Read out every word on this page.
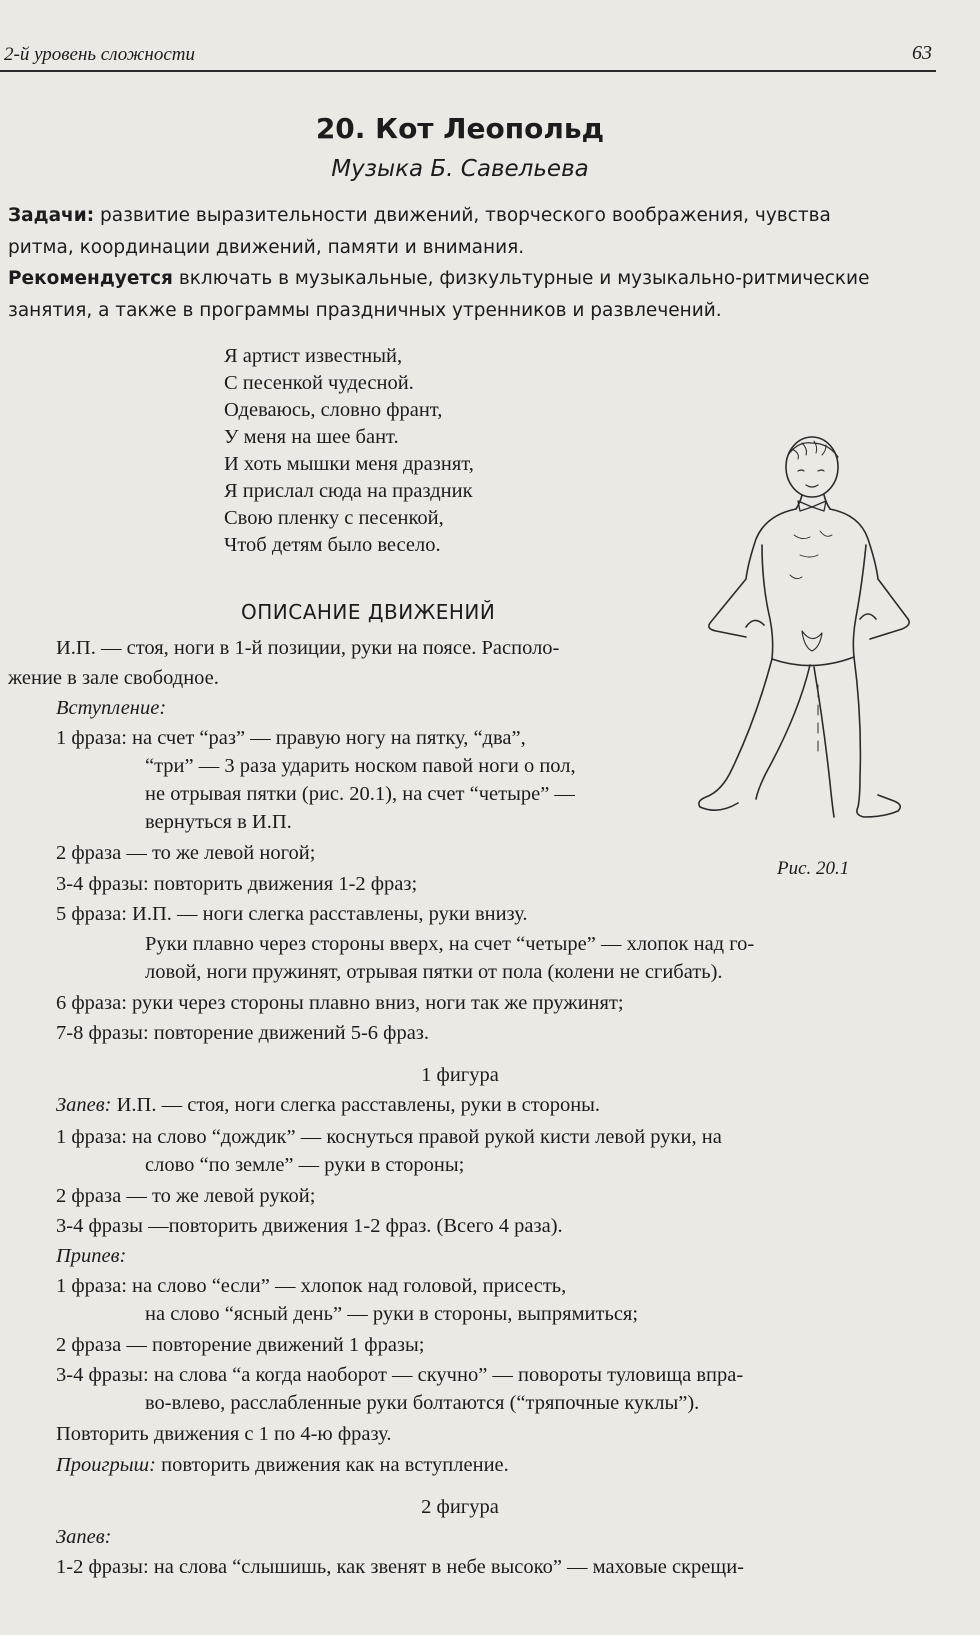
2-й уровень сложности	63
20. Кот Леопольд
Музыка Б. Савельева
Задачи: развитие выразительности движений, творческого воображения, чувства
ритма, координации движений, памяти и внимания.
Рекомендуется включать в музыкальные, физкультурные и музыкально-ритмические
занятия, а также в программы праздничных утренников и развлечений.
Я артист известный,
С песенкой чудесной.
Одеваюсь, словно франт,
У меня на шее бант.
И хоть мышки меня дразнят,
Я прислал сюда на праздник
Свою пленку с песенкой,
Чтоб детям было весело.
ОПИСАНИЕ ДВИЖЕНИЙ
И.П. — стоя, ноги в 1-й позиции, руки на поясе. Располо-
жение в зале свободное.
Вступление:
1 фраза: на счет “раз” — правую ногу на пятку, “два”,
“три” — 3 раза ударить носком павой ноги о пол,
не отрывая пятки (рис. 20.1), на счет “четыре” —
вернуться в И.П.
2 фраза — то же левой ногой;
3-4 фразы: повторить движения 1-2 фраз;
5 фраза: И.П. — ноги слегка расставлены, руки внизу.
Руки плавно через стороны вверх, на счет “четыре” — хлопок над го-
ловой, ноги пружинят, отрывая пятки от пола (колени не сгибать).
6 фраза: руки через стороны плавно вниз, ноги так же пружинят;
7-8 фразы: повторение движений 5-6 фраз.
1 фигура
Запев: И.П. — стоя, ноги слегка расставлены, руки в стороны.
1 фраза: на слово “дождик” — коснуться правой рукой кисти левой руки, на
слово “по земле” — руки в стороны;
2 фраза — то же левой рукой;
3-4 фразы —повторить движения 1-2 фраз. (Всего 4 раза).
Припев:
1 фраза: на слово “если” — хлопок над головой, присесть,
на слово “ясный день” — руки в стороны, выпрямиться;
2 фраза — повторение движений 1 фразы;
3-4 фразы: на слова “а когда наоборот — скучно” — повороты туловища впра-
во-влево, расслабленные руки болтаются (“тряпочные куклы”).
Повторить движения с 1 по 4-ю фразу.
Проигрыш: повторить движения как на вступление.
2 фигура
Запев:
1-2 фразы: на слова “слышишь, как звенят в небе высоко” — маховые скрещи-
Рис. 20.1
